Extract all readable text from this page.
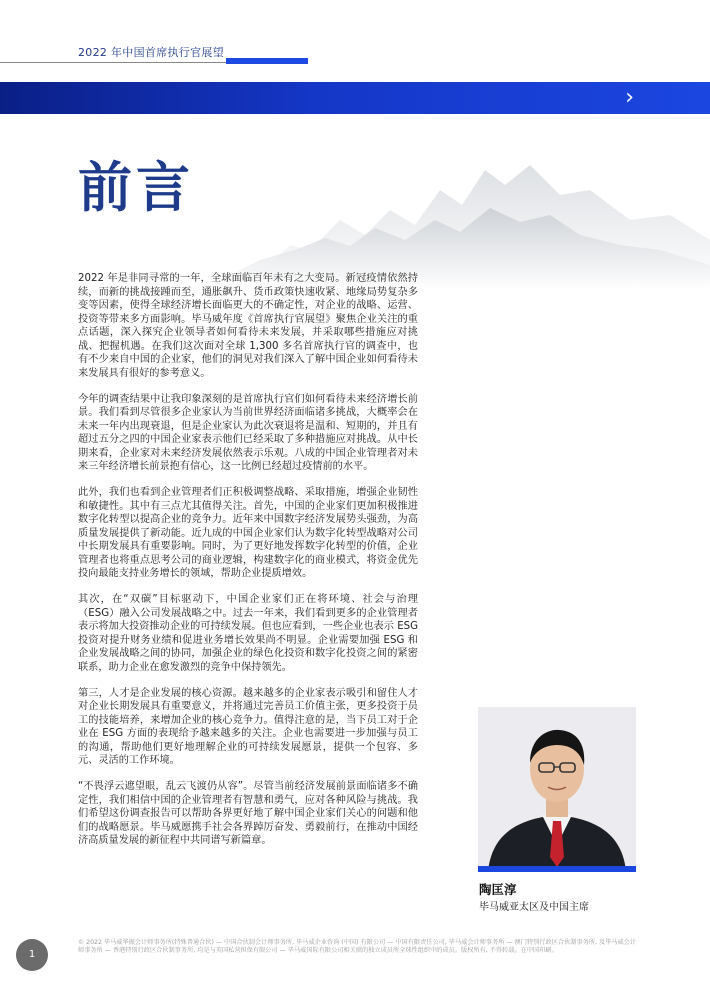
2022 年中国首席执行官展望
›
前言

2022 年是非同寻常的一年，全球面临百年未有之大变局。新冠疫情依然持续，而新的挑战接踵而至，通胀飙升、货币政策快速收紧、地缘局势复杂多变等因素，使得全球经济增长面临更大的不确定性，对企业的战略、运营、投资等带来多方面影响。毕马威年度《首席执行官展望》聚焦企业关注的重点话题，深入探究企业领导者如何看待未来发展，并采取哪些措施应对挑战、把握机遇。在我们这次面对全球 1,300 多名首席执行官的调查中，也有不少来自中国的企业家，他们的洞见对我们深入了解中国企业如何看待未来发展具有很好的参考意义。

今年的调查结果中让我印象深刻的是首席执行官们如何看待未来经济增长前景。我们看到尽管很多企业家认为当前世界经济面临诸多挑战，大概率会在未来一年内出现衰退，但是企业家认为此次衰退将是温和、短期的，并且有超过五分之四的中国企业家表示他们已经采取了多种措施应对挑战。从中长期来看，企业家对未来经济发展依然表示乐观。八成的中国企业管理者对未来三年经济增长前景抱有信心，这一比例已经超过疫情前的水平。

此外，我们也看到企业管理者们正积极调整战略、采取措施，增强企业韧性和敏捷性。其中有三点尤其值得关注。首先，中国的企业家们更加积极推进数字化转型以提高企业的竞争力。近年来中国数字经济发展势头强劲，为高质量发展提供了新动能。近九成的中国企业家们认为数字化转型战略对公司中长期发展具有重要影响。同时，为了更好地发挥数字化转型的价值，企业管理者也将重点思考公司的商业逻辑，构建数字化的商业模式，将资金优先投向最能支持业务增长的领域，帮助企业提质增效。

其次，在“双碳”目标驱动下，中国企业家们正在将环境、社会与治理（ESG）融入公司发展战略之中。过去一年来，我们看到更多的企业管理者表示将加大投资推动企业的可持续发展。但也应看到，一些企业也表示 ESG 投资对提升财务业绩和促进业务增长效果尚不明显。企业需要加强 ESG 和企业发展战略之间的协同，加强企业的绿色化投资和数字化投资之间的紧密联系，助力企业在愈发激烈的竞争中保持领先。

第三，人才是企业发展的核心资源。越来越多的企业家表示吸引和留住人才对企业长期发展具有重要意义，并将通过完善员工价值主张，更多投资于员工的技能培养，来增加企业的核心竞争力。值得注意的是，当下员工对于企业在 ESG 方面的表现给予越来越多的关注。企业也需要进一步加强与员工的沟通，帮助他们更好地理解企业的可持续发展愿景，提供一个包容、多元、灵活的工作环境。

“不畏浮云遮望眼，乱云飞渡仍从容”。尽管当前经济发展前景面临诸多不确定性，我们相信中国的企业管理者有智慧和勇气，应对各种风险与挑战。我们希望这份调查报告可以帮助各界更好地了解中国企业家们关心的问题和他们的战略愿景。毕马威愿携手社会各界踔厉奋发、勇毅前行，在推动中国经济高质量发展的新征程中共同谱写新篇章。

陶匡淳
毕马威亚太区及中国主席
1
© 2022 毕马威华振会计师事务所(特殊普通合伙) — 中国合伙制会计师事务所, 毕马威企业咨询 (中国) 有限公司 — 中国有限责任公司, 毕马威会计师事务所 — 澳门特别行政区合伙制事务所, 及毕马威会计师事务所 — 香港特别行政区合伙制事务所, 均是与英国私营担保有限公司 — 毕马威国际有限公司相关联的独立成员所全球性组织中的成员。版权所有, 不得转载。在中国印刷。
